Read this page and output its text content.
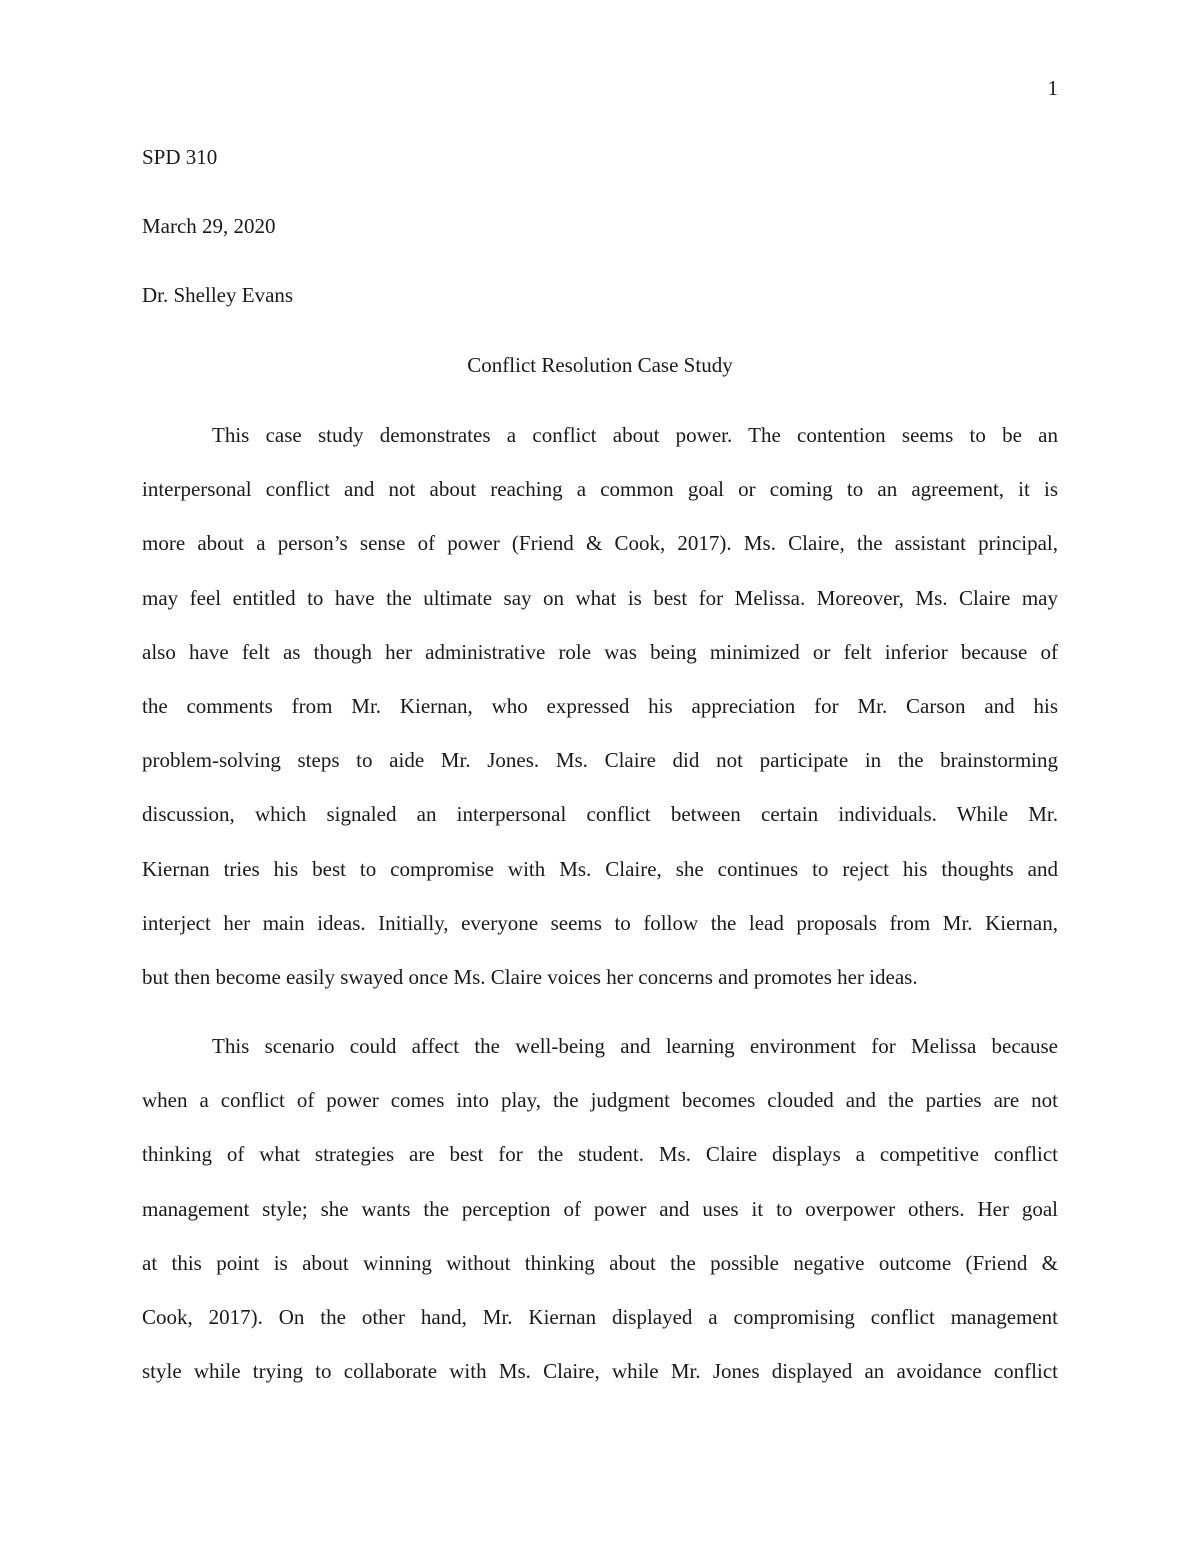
1
SPD 310
March 29, 2020
Dr. Shelley Evans
Conflict Resolution Case Study
This case study demonstrates a conflict about power. The contention seems to be an
interpersonal conflict and not about reaching a common goal or coming to an agreement, it is
more about a person’s sense of power (Friend & Cook, 2017). Ms. Claire, the assistant principal,
may feel entitled to have the ultimate say on what is best for Melissa. Moreover, Ms. Claire may
also have felt as though her administrative role was being minimized or felt inferior because of
the comments from Mr. Kiernan, who expressed his appreciation for Mr. Carson and his
problem-solving steps to aide Mr. Jones. Ms. Claire did not participate in the brainstorming
discussion, which signaled an interpersonal conflict between certain individuals. While Mr.
Kiernan tries his best to compromise with Ms. Claire, she continues to reject his thoughts and
interject her main ideas. Initially, everyone seems to follow the lead proposals from Mr. Kiernan,
but then become easily swayed once Ms. Claire voices her concerns and promotes her ideas.
This scenario could affect the well-being and learning environment for Melissa because
when a conflict of power comes into play, the judgment becomes clouded and the parties are not
thinking of what strategies are best for the student. Ms. Claire displays a competitive conflict
management style; she wants the perception of power and uses it to overpower others. Her goal
at this point is about winning without thinking about the possible negative outcome (Friend &
Cook, 2017). On the other hand, Mr. Kiernan displayed a compromising conflict management
style while trying to collaborate with Ms. Claire, while Mr. Jones displayed an avoidance conflict
